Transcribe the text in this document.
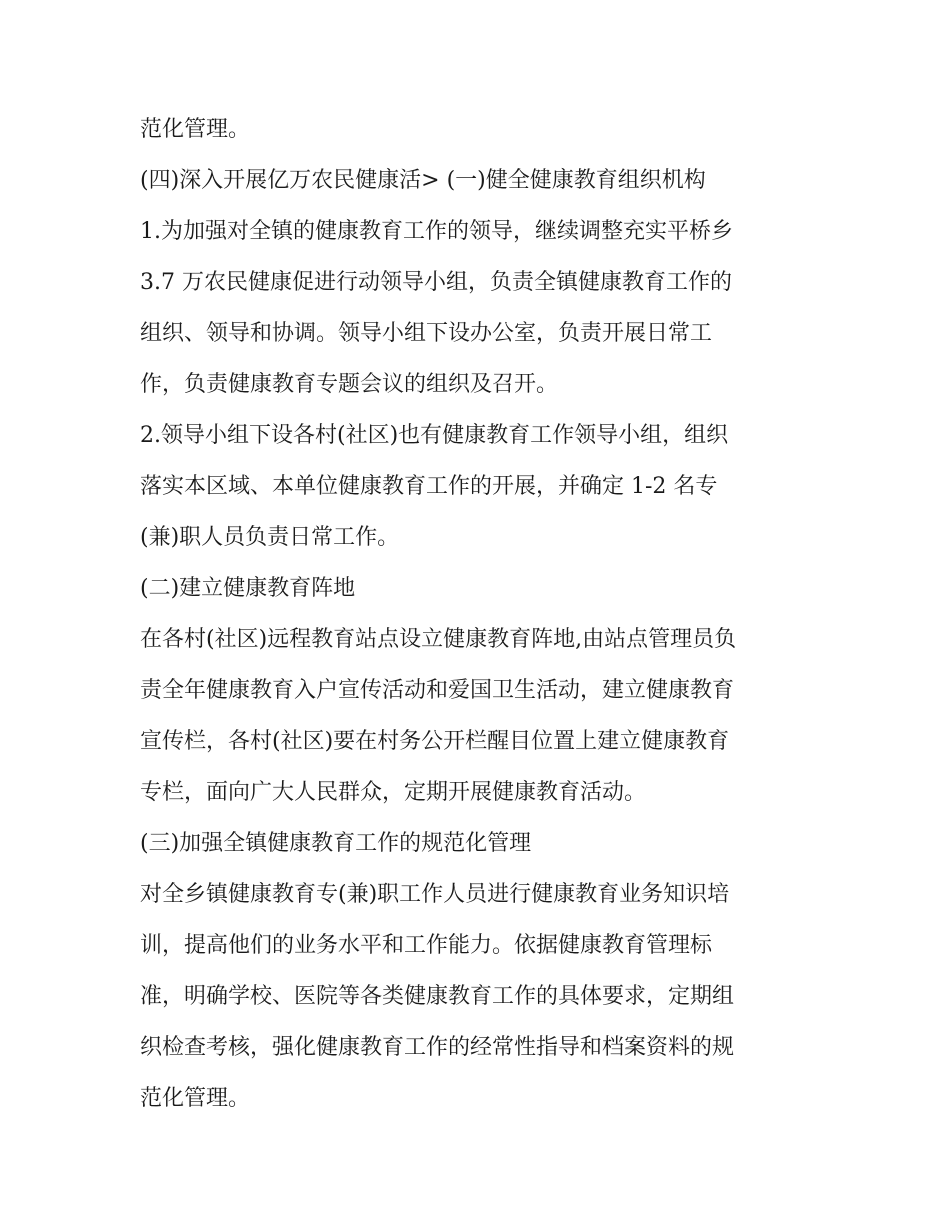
范化管理。

(四)深入开展亿万农民健康活> (一)健全健康教育组织机构

1.为加强对全镇的健康教育工作的领导，继续调整充实平桥乡

3.7 万农民健康促进行动领导小组，负责全镇健康教育工作的

组织、领导和协调。领导小组下设办公室，负责开展日常工

作，负责健康教育专题会议的组织及召开。

2.领导小组下设各村(社区)也有健康教育工作领导小组，组织

落实本区域、本单位健康教育工作的开展，并确定 1-2 名专

(兼)职人员负责日常工作。

(二)建立健康教育阵地

在各村(社区)远程教育站点设立健康教育阵地,由站点管理员负

责全年健康教育入户宣传活动和爱国卫生活动，建立健康教育

宣传栏，各村(社区)要在村务公开栏醒目位置上建立健康教育

专栏，面向广大人民群众，定期开展健康教育活动。

(三)加强全镇健康教育工作的规范化管理

对全乡镇健康教育专(兼)职工作人员进行健康教育业务知识培

训，提高他们的业务水平和工作能力。依据健康教育管理标

准，明确学校、医院等各类健康教育工作的具体要求，定期组

织检查考核，强化健康教育工作的经常性指导和档案资料的规

范化管理。
